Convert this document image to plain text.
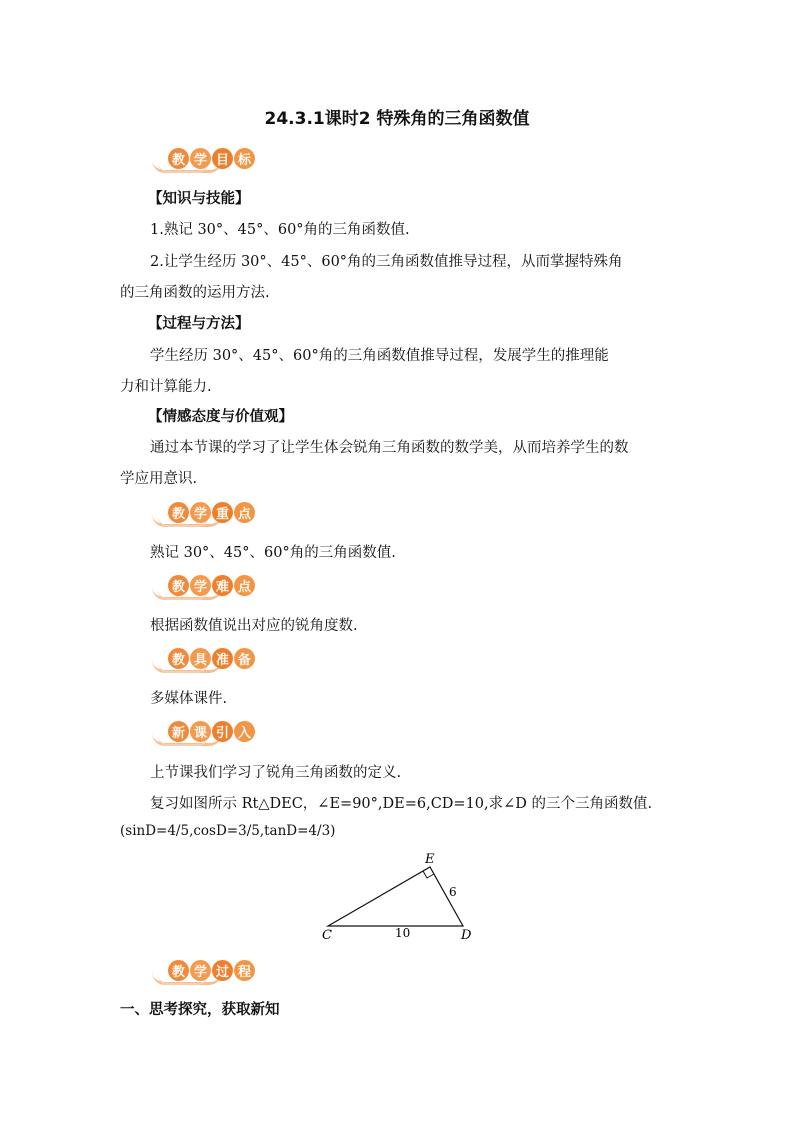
24.3.1课时2 特殊角的三角函数值
教 学 目 标
【知识与技能】
1.熟记 30°、45°、60°角的三角函数值.
2.让学生经历 30°、45°、60°角的三角函数值推导过程，从而掌握特殊角
的三角函数的运用方法.
【过程与方法】
学生经历 30°、45°、60°角的三角函数值推导过程，发展学生的推理能
力和计算能力.
【情感态度与价值观】
通过本节课的学习了让学生体会锐角三角函数的数学美，从而培养学生的数
学应用意识.
教 学 重 点
熟记 30°、45°、60°角的三角函数值.
教 学 难 点
根据函数值说出对应的锐角度数.
教 具 准 备
多媒体课件.
新 课 引 入
上节课我们学习了锐角三角函数的定义.
复习如图所示 Rt△DEC，∠E=90°,DE=6,CD=10,求∠D 的三个三角函数值.
(sinD=4/5,cosD=3/5,tanD=4/3)
E
C	D
6
10
教 学 过 程
一、思考探究，获取新知
